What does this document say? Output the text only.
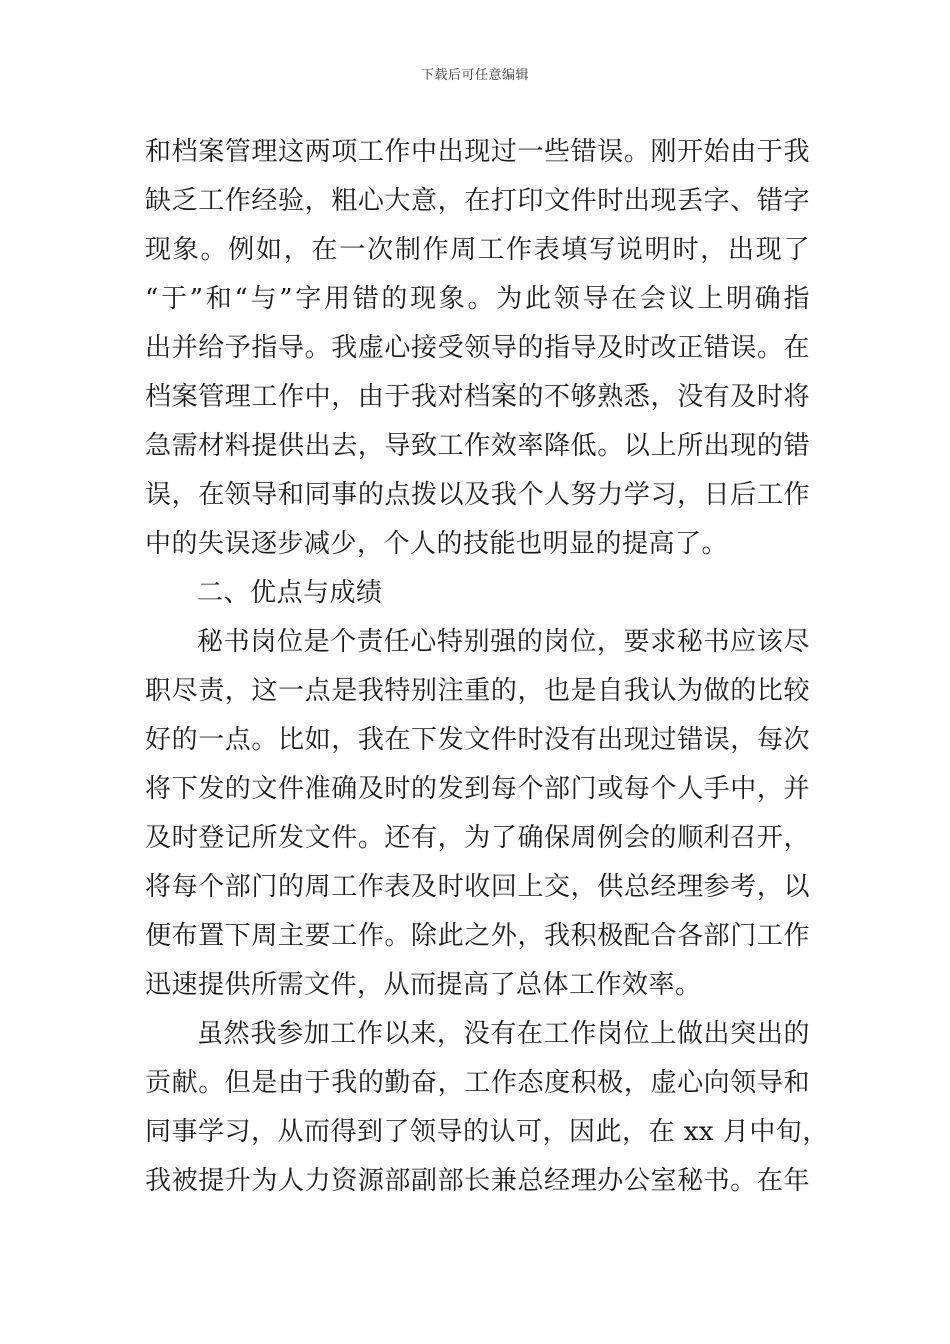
下载后可任意编辑
和档案管理这两项工作中出现过一些错误。刚开始由于我
缺乏工作经验，粗心大意，在打印文件时出现丢字、错字
现象。例如，在一次制作周工作表填写说明时，出现了
“于”和“与”字用错的现象。为此领导在会议上明确指
出并给予指导。我虚心接受领导的指导及时改正错误。在
档案管理工作中，由于我对档案的不够熟悉，没有及时将
急需材料提供出去，导致工作效率降低。以上所出现的错
误，在领导和同事的点拨以及我个人努力学习，日后工作
中的失误逐步减少，个人的技能也明显的提高了。
二、优点与成绩
秘书岗位是个责任心特别强的岗位，要求秘书应该尽
职尽责，这一点是我特别注重的，也是自我认为做的比较
好的一点。比如，我在下发文件时没有出现过错误，每次
将下发的文件准确及时的发到每个部门或每个人手中，并
及时登记所发文件。还有，为了确保周例会的顺利召开，
将每个部门的周工作表及时收回上交，供总经理参考，以
便布置下周主要工作。除此之外，我积极配合各部门工作
迅速提供所需文件，从而提高了总体工作效率。
虽然我参加工作以来，没有在工作岗位上做出突出的
贡献。但是由于我的勤奋，工作态度积极，虚心向领导和
同事学习，从而得到了领导的认可，因此，在 xx 月中旬，
我被提升为人力资源部副部长兼总经理办公室秘书。在年
